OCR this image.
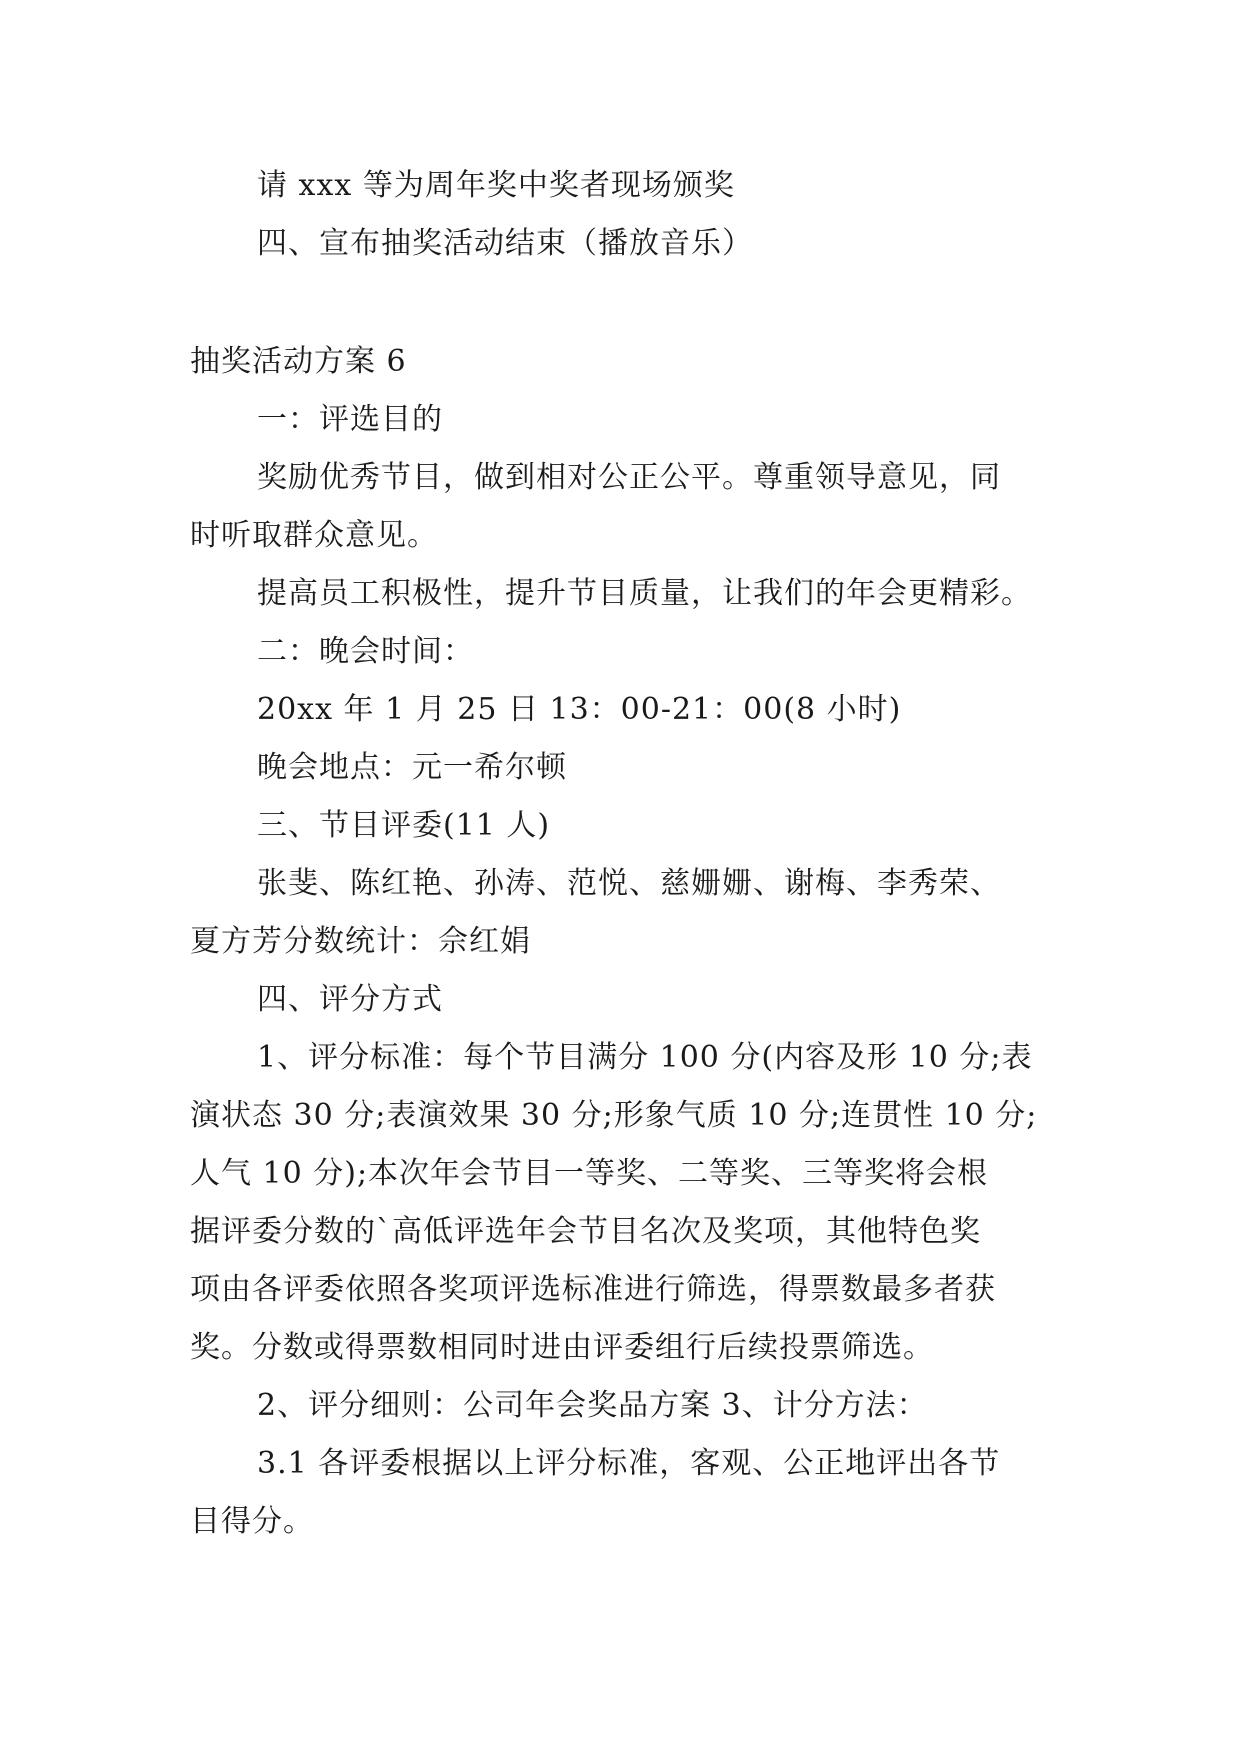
请 xxx 等为周年奖中奖者现场颁奖
四、宣布抽奖活动结束（播放音乐）
抽奖活动方案 6
一：评选目的
奖励优秀节目，做到相对公正公平。尊重领导意见，同
时听取群众意见。
提高员工积极性，提升节目质量，让我们的年会更精彩。
二：晚会时间：
20xx 年 1 月 25 日 13：00-21：00(8 小时)
晚会地点：元一希尔顿
三、节目评委(11 人)
张斐、陈红艳、孙涛、范悦、慈姗姗、谢梅、李秀荣、
夏方芳分数统计：佘红娟
四、评分方式
1、评分标准：每个节目满分 100 分(内容及形 10 分;表
演状态 30 分;表演效果 30 分;形象气质 10 分;连贯性 10 分;
人气 10 分);本次年会节目一等奖、二等奖、三等奖将会根
据评委分数的`高低评选年会节目名次及奖项，其他特色奖
项由各评委依照各奖项评选标准进行筛选，得票数最多者获
奖。分数或得票数相同时进由评委组行后续投票筛选。
2、评分细则：公司年会奖品方案 3、计分方法：
3.1 各评委根据以上评分标准，客观、公正地评出各节
目得分。
